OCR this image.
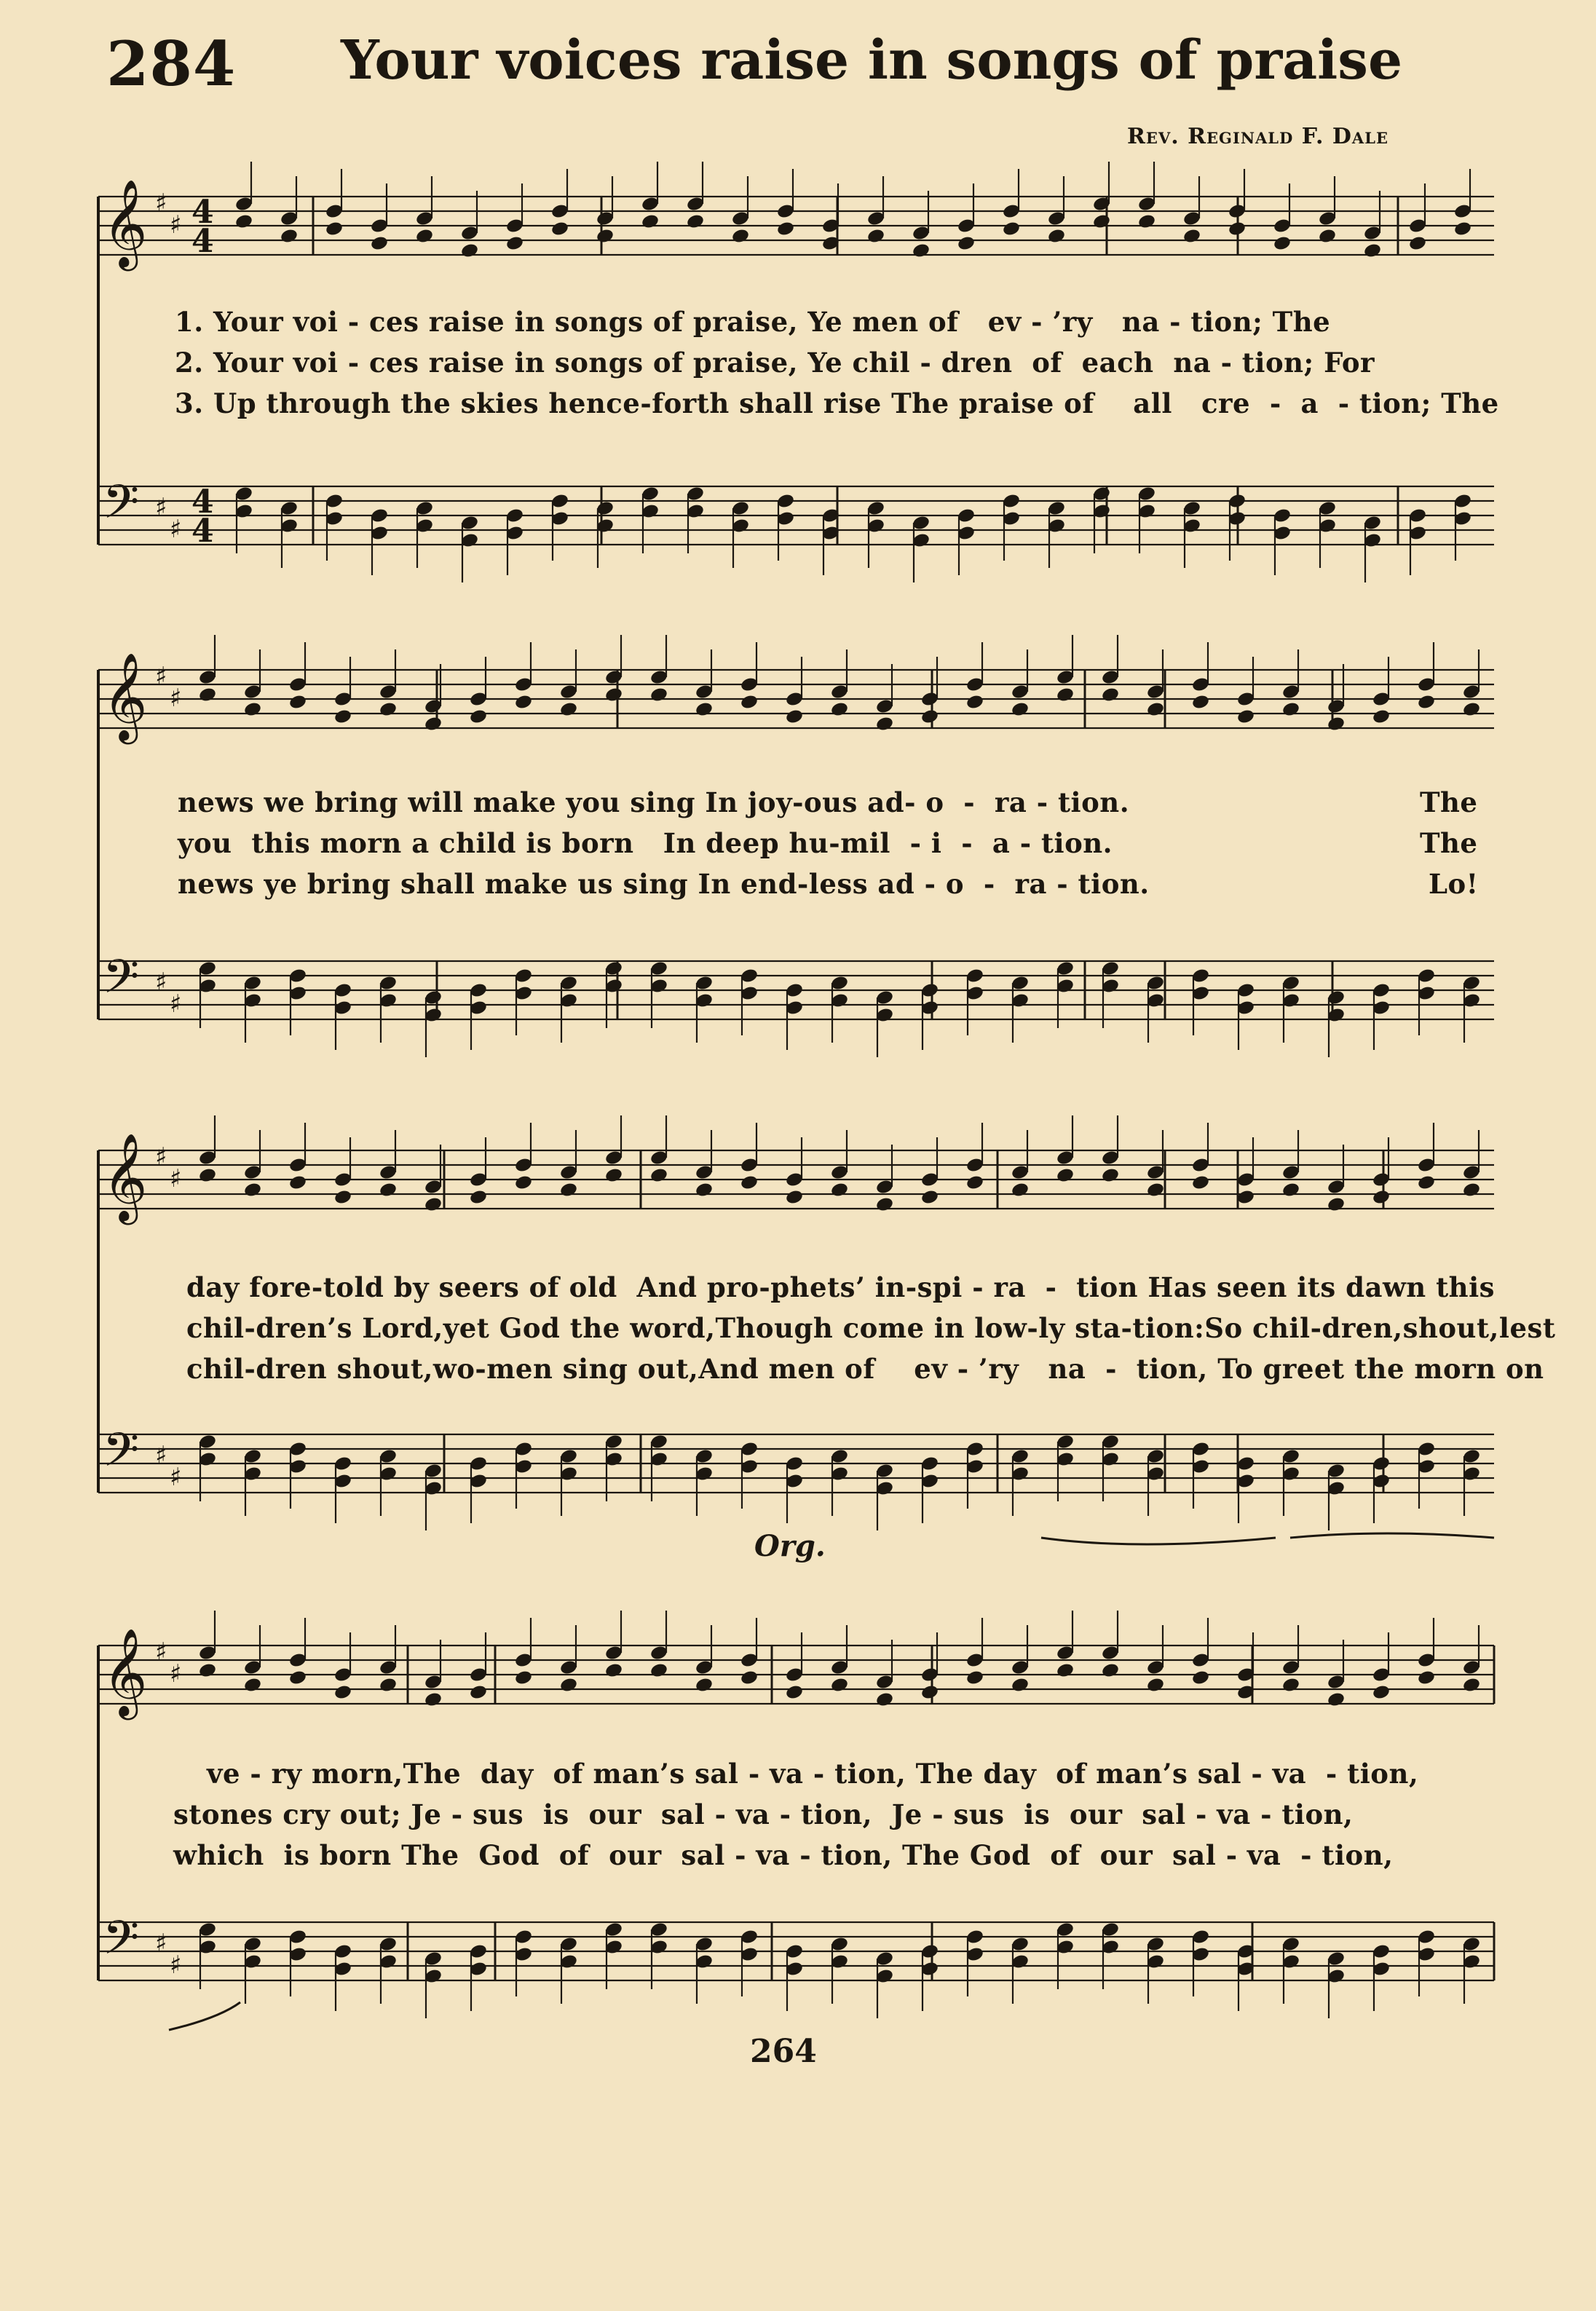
284 Your voices raise in songs of praise
Rev. Reginald F. Dale
𝄞 ♯
♯ 4
4
𝄢 ♯
♯
4
4
𝄞 ♯
♯
𝄢 ♯
♯
𝄞 ♯
♯
𝄢 ♯
♯
𝄞 ♯
♯
𝄢 ♯
♯
1. Your voi - ces raise in songs of praise, Ye men of   ev - ’ry   na - tion; The
2. Your voi - ces raise in songs of praise, Ye chil - dren  of  each  na - tion; For
3. Up through the skies hence-forth shall rise The praise of    all   cre  -  a  - tion; The
news we bring will make you sing In joy-ous ad- o  -  ra - tion.
you  this morn a child is born   In deep hu-mil  - i  -  a - tion.
news ye bring shall make us sing In end-less ad - o  -  ra - tion.
The
The
Lo!
day fore-told by seers of old  And pro-phets’ in-spi - ra  -  tion Has seen its dawn this
chil-dren’s Lord,yet God the word,Though come in low-ly sta-tion:So chil-dren,shout,lest
chil-dren shout,wo-men sing out,And men of    ev - ’ry   na  -  tion, To greet the morn on
Org.
ve - ry morn,The  day  of man’s sal - va - tion, The day  of man’s sal - va  - tion,
stones cry out; Je - sus  is  our  sal - va - tion,  Je - sus  is  our  sal - va - tion,
which  is born The  God  of  our  sal - va - tion, The God  of  our  sal - va  - tion,
264
